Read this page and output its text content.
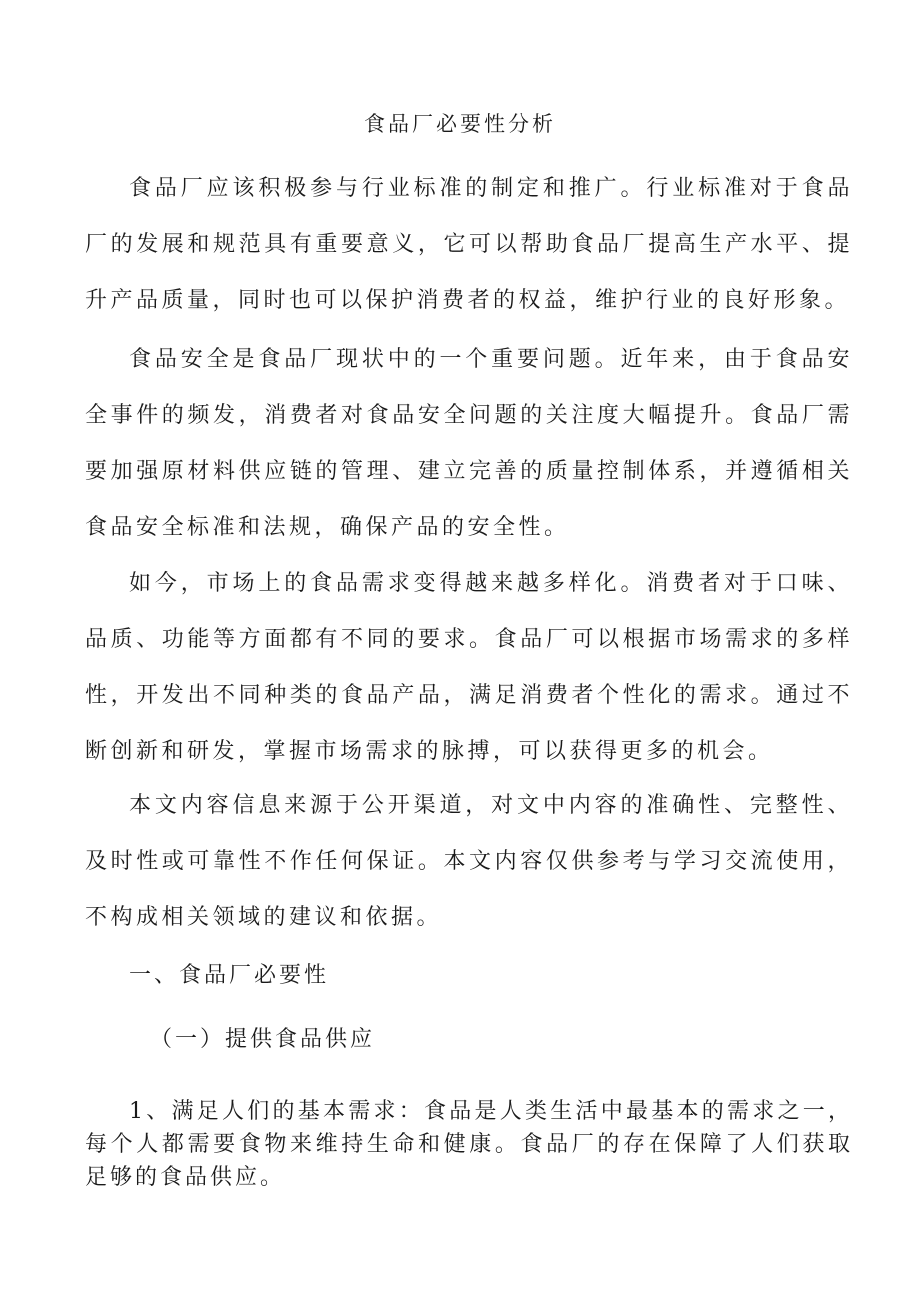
食品厂必要性分析

食品厂应该积极参与行业标准的制定和推广。行业标准对于食品厂的发展和规范具有重要意义，它可以帮助食品厂提高生产水平、提升产品质量，同时也可以保护消费者的权益，维护行业的良好形象。

食品安全是食品厂现状中的一个重要问题。近年来，由于食品安全事件的频发，消费者对食品安全问题的关注度大幅提升。食品厂需要加强原材料供应链的管理、建立完善的质量控制体系，并遵循相关食品安全标准和法规，确保产品的安全性。

如今，市场上的食品需求变得越来越多样化。消费者对于口味、品质、功能等方面都有不同的要求。食品厂可以根据市场需求的多样性，开发出不同种类的食品产品，满足消费者个性化的需求。通过不断创新和研发，掌握市场需求的脉搏，可以获得更多的机会。

本文内容信息来源于公开渠道，对文中内容的准确性、完整性、及时性或可靠性不作任何保证。本文内容仅供参考与学习交流使用，不构成相关领域的建议和依据。

一、食品厂必要性
（一）提供食品供应

1、满足人们的基本需求：食品是人类生活中最基本的需求之一，每个人都需要食物来维持生命和健康。食品厂的存在保障了人们获取足够的食品供应。
